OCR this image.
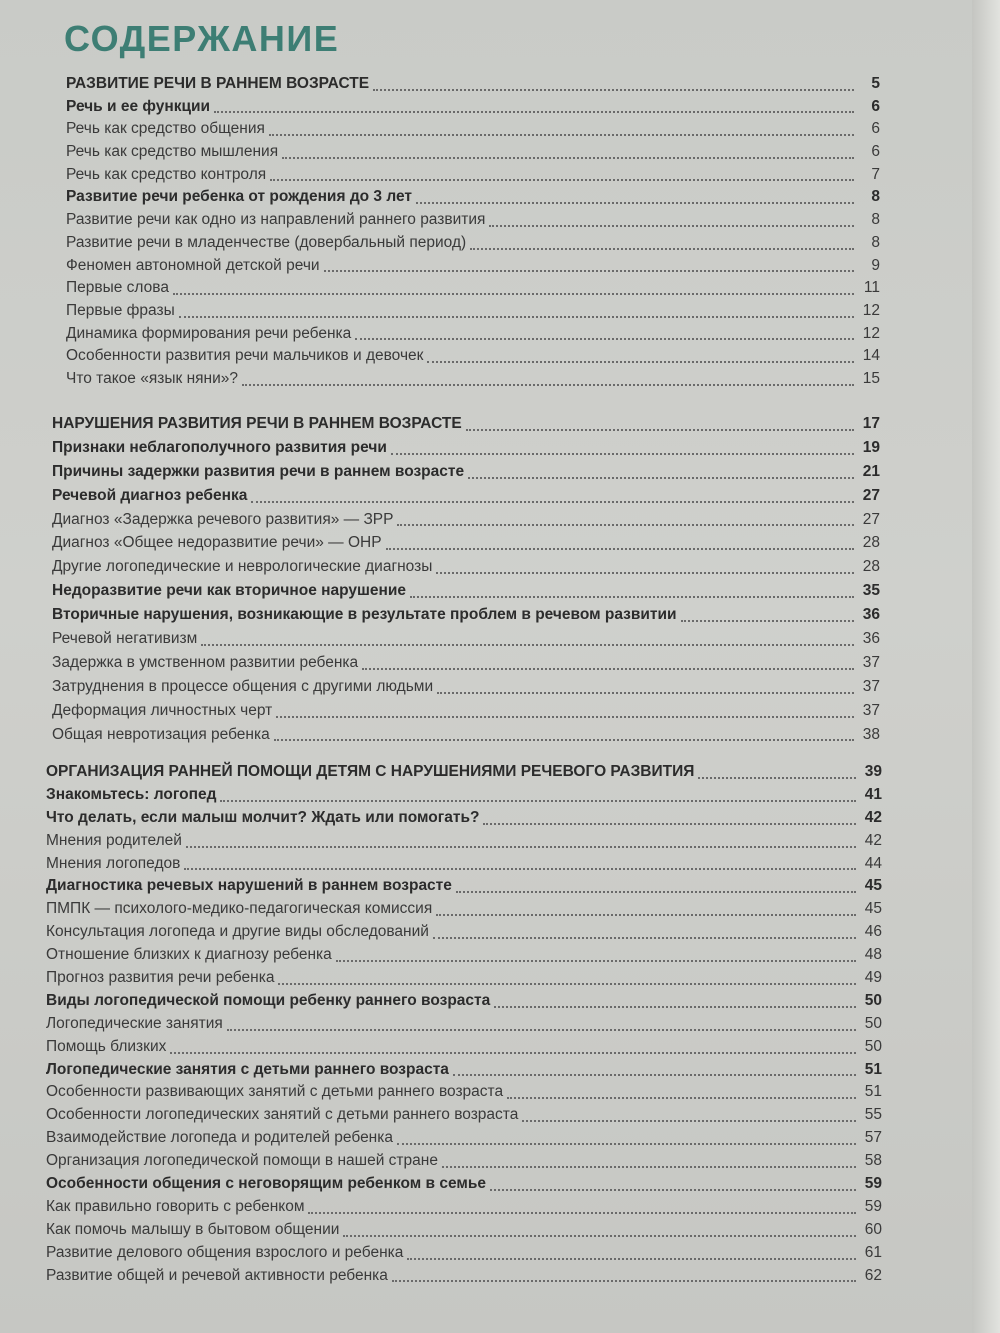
СОДЕРЖАНИЕ
РАЗВИТИЕ РЕЧИ В РАННЕМ ВОЗРАСТЕ	5
Речь и ее функции	6
Речь как средство общения	6
Речь как средство мышления	6
Речь как средство контроля	7
Развитие речи ребенка от рождения до 3 лет	8
Развитие речи как одно из направлений раннего развития	8
Развитие речи в младенчестве (довербальный период)	8
Феномен автономной детской речи	9
Первые слова	11
Первые фразы	12
Динамика формирования речи ребенка	12
Особенности развития речи мальчиков и девочек	14
Что такое «язык няни»?	15
НАРУШЕНИЯ РАЗВИТИЯ РЕЧИ В РАННЕМ ВОЗРАСТЕ	17
Признаки неблагополучного развития речи	19
Причины задержки развития речи в раннем возрасте	21
Речевой диагноз ребенка	27
Диагноз «Задержка речевого развития» — ЗРР	27
Диагноз «Общее недоразвитие речи» — ОНР	28
Другие логопедические и неврологические диагнозы	28
Недоразвитие речи как вторичное нарушение	35
Вторичные нарушения, возникающие в результате проблем в речевом развитии	36
Речевой негативизм	36
Задержка в умственном развитии ребенка	37
Затруднения в процессе общения с другими людьми	37
Деформация личностных черт	37
Общая невротизация ребенка	38
ОРГАНИЗАЦИЯ РАННЕЙ ПОМОЩИ ДЕТЯМ С НАРУШЕНИЯМИ РЕЧЕВОГО РАЗВИТИЯ	39
Знакомьтесь: логопед	41
Что делать, если малыш молчит? Ждать или помогать?	42
Мнения родителей	42
Мнения логопедов	44
Диагностика речевых нарушений в раннем возрасте	45
ПМПК — психолого-медико-педагогическая комиссия	45
Консультация логопеда и другие виды обследований	46
Отношение близких к диагнозу ребенка	48
Прогноз развития речи ребенка	49
Виды логопедической помощи ребенку раннего возраста	50
Логопедические занятия	50
Помощь близких	50
Логопедические занятия с детьми раннего возраста	51
Особенности развивающих занятий с детьми раннего возраста	51
Особенности логопедических занятий с детьми раннего возраста	55
Взаимодействие логопеда и родителей ребенка	57
Организация логопедической помощи в нашей стране	58
Особенности общения с неговорящим ребенком в семье	59
Как правильно говорить с ребенком	59
Как помочь малышу в бытовом общении	60
Развитие делового общения взрослого и ребенка	61
Развитие общей и речевой активности ребенка	62
